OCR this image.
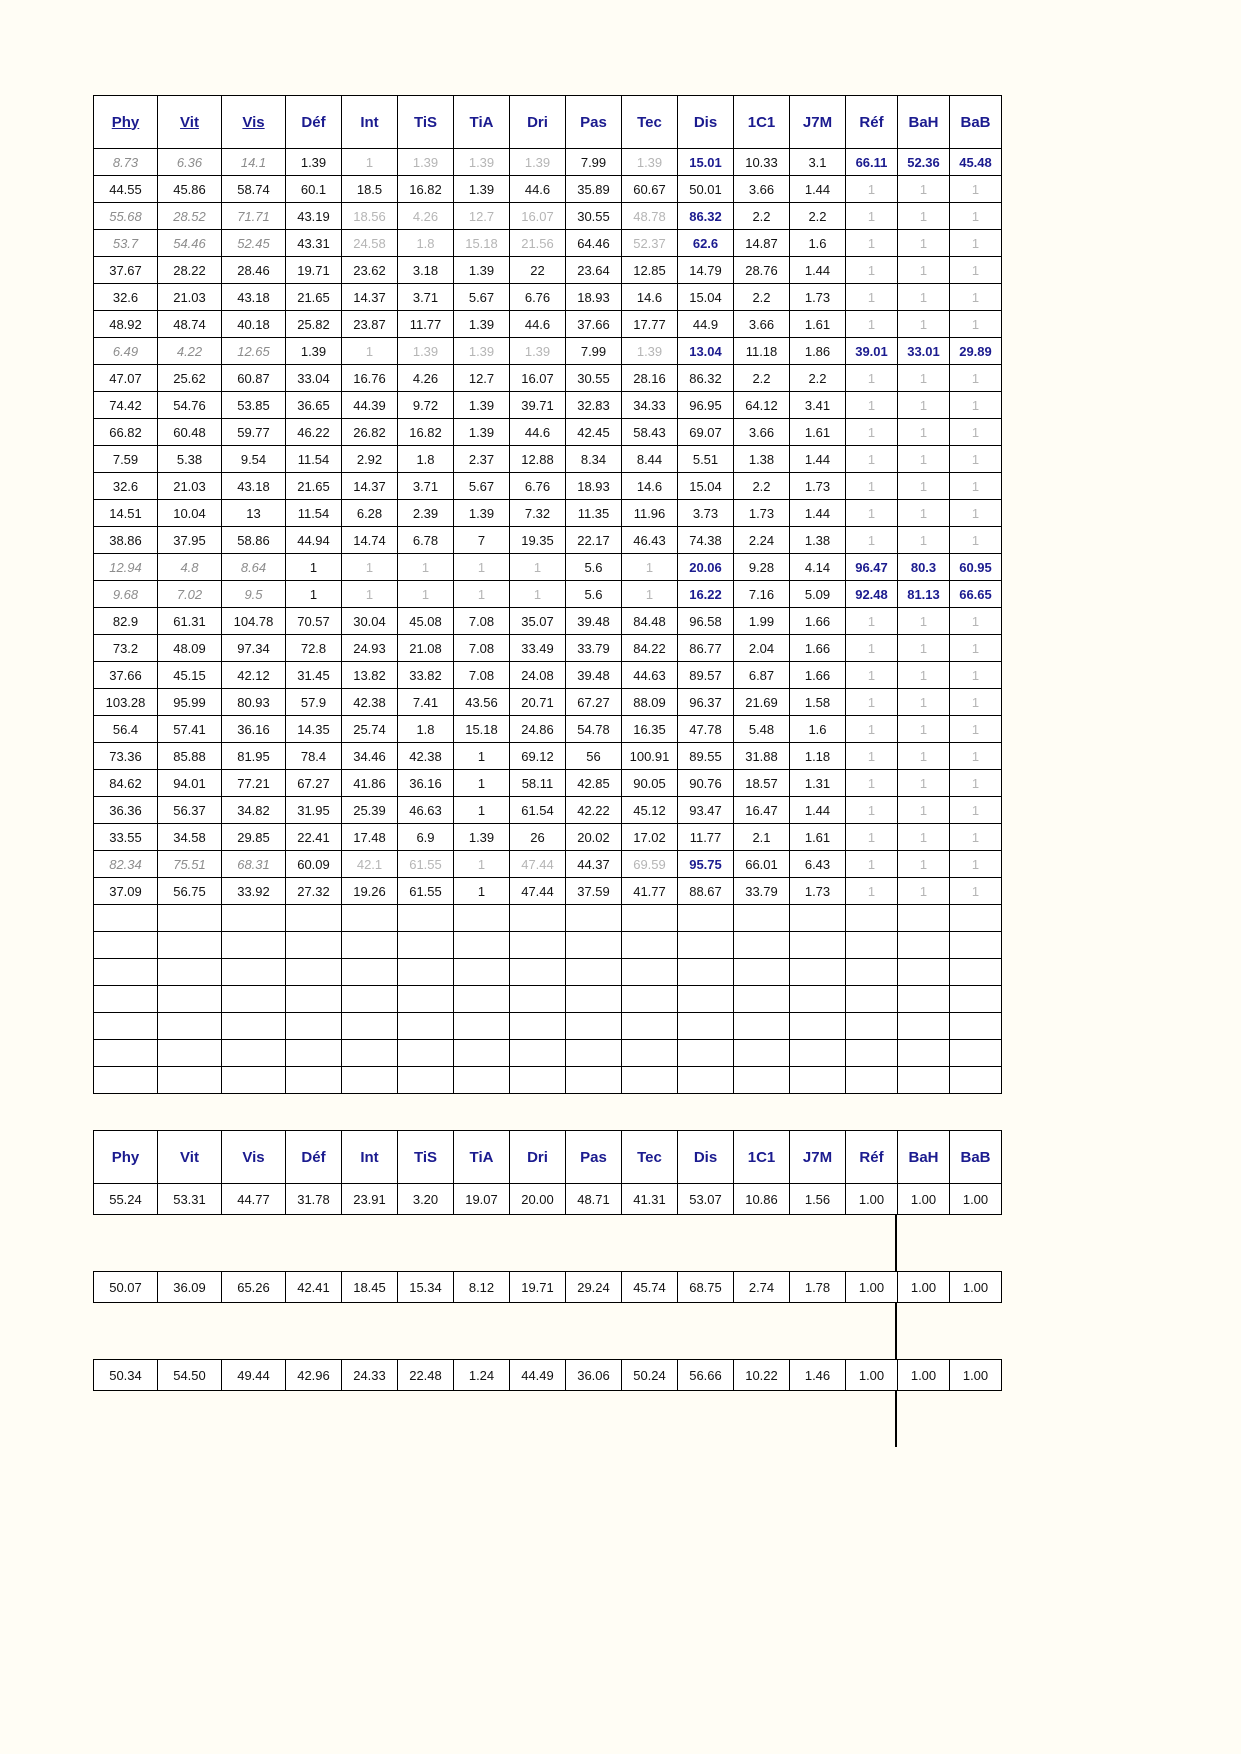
Phy	Vit	Vis	Déf	Int	TiS	TiA	Dri	Pas	Tec	Dis	1C1	J7M	Réf	BaH	BaB
8.73	6.36	14.1	1.39	1	1.39	1.39	1.39	7.99	1.39	15.01	10.33	3.1	66.11	52.36	45.48
44.55	45.86	58.74	60.1	18.5	16.82	1.39	44.6	35.89	60.67	50.01	3.66	1.44	1	1	1
55.68	28.52	71.71	43.19	18.56	4.26	12.7	16.07	30.55	48.78	86.32	2.2	2.2	1	1	1
53.7	54.46	52.45	43.31	24.58	1.8	15.18	21.56	64.46	52.37	62.6	14.87	1.6	1	1	1
37.67	28.22	28.46	19.71	23.62	3.18	1.39	22	23.64	12.85	14.79	28.76	1.44	1	1	1
32.6	21.03	43.18	21.65	14.37	3.71	5.67	6.76	18.93	14.6	15.04	2.2	1.73	1	1	1
48.92	48.74	40.18	25.82	23.87	11.77	1.39	44.6	37.66	17.77	44.9	3.66	1.61	1	1	1
6.49	4.22	12.65	1.39	1	1.39	1.39	1.39	7.99	1.39	13.04	11.18	1.86	39.01	33.01	29.89
47.07	25.62	60.87	33.04	16.76	4.26	12.7	16.07	30.55	28.16	86.32	2.2	2.2	1	1	1
74.42	54.76	53.85	36.65	44.39	9.72	1.39	39.71	32.83	34.33	96.95	64.12	3.41	1	1	1
66.82	60.48	59.77	46.22	26.82	16.82	1.39	44.6	42.45	58.43	69.07	3.66	1.61	1	1	1
7.59	5.38	9.54	11.54	2.92	1.8	2.37	12.88	8.34	8.44	5.51	1.38	1.44	1	1	1
32.6	21.03	43.18	21.65	14.37	3.71	5.67	6.76	18.93	14.6	15.04	2.2	1.73	1	1	1
14.51	10.04	13	11.54	6.28	2.39	1.39	7.32	11.35	11.96	3.73	1.73	1.44	1	1	1
38.86	37.95	58.86	44.94	14.74	6.78	7	19.35	22.17	46.43	74.38	2.24	1.38	1	1	1
12.94	4.8	8.64	1	1	1	1	1	5.6	1	20.06	9.28	4.14	96.47	80.3	60.95
9.68	7.02	9.5	1	1	1	1	1	5.6	1	16.22	7.16	5.09	92.48	81.13	66.65
82.9	61.31	104.78	70.57	30.04	45.08	7.08	35.07	39.48	84.48	96.58	1.99	1.66	1	1	1
73.2	48.09	97.34	72.8	24.93	21.08	7.08	33.49	33.79	84.22	86.77	2.04	1.66	1	1	1
37.66	45.15	42.12	31.45	13.82	33.82	7.08	24.08	39.48	44.63	89.57	6.87	1.66	1	1	1
103.28	95.99	80.93	57.9	42.38	7.41	43.56	20.71	67.27	88.09	96.37	21.69	1.58	1	1	1
56.4	57.41	36.16	14.35	25.74	1.8	15.18	24.86	54.78	16.35	47.78	5.48	1.6	1	1	1
73.36	85.88	81.95	78.4	34.46	42.38	1	69.12	56	100.91	89.55	31.88	1.18	1	1	1
84.62	94.01	77.21	67.27	41.86	36.16	1	58.11	42.85	90.05	90.76	18.57	1.31	1	1	1
36.36	56.37	34.82	31.95	25.39	46.63	1	61.54	42.22	45.12	93.47	16.47	1.44	1	1	1
33.55	34.58	29.85	22.41	17.48	6.9	1.39	26	20.02	17.02	11.77	2.1	1.61	1	1	1
82.34	75.51	68.31	60.09	42.1	61.55	1	47.44	44.37	69.59	95.75	66.01	6.43	1	1	1
37.09	56.75	33.92	27.32	19.26	61.55	1	47.44	37.59	41.77	88.67	33.79	1.73	1	1	1

Phy	Vit	Vis	Déf	Int	TiS	TiA	Dri	Pas	Tec	Dis	1C1	J7M	Réf	BaH	BaB
55.24	53.31	44.77	31.78	23.91	3.20	19.07	20.00	48.71	41.31	53.07	10.86	1.56	1.00	1.00	1.00
50.07	36.09	65.26	42.41	18.45	15.34	8.12	19.71	29.24	45.74	68.75	2.74	1.78	1.00	1.00	1.00
50.34	54.50	49.44	42.96	24.33	22.48	1.24	44.49	36.06	50.24	56.66	10.22	1.46	1.00	1.00	1.00
